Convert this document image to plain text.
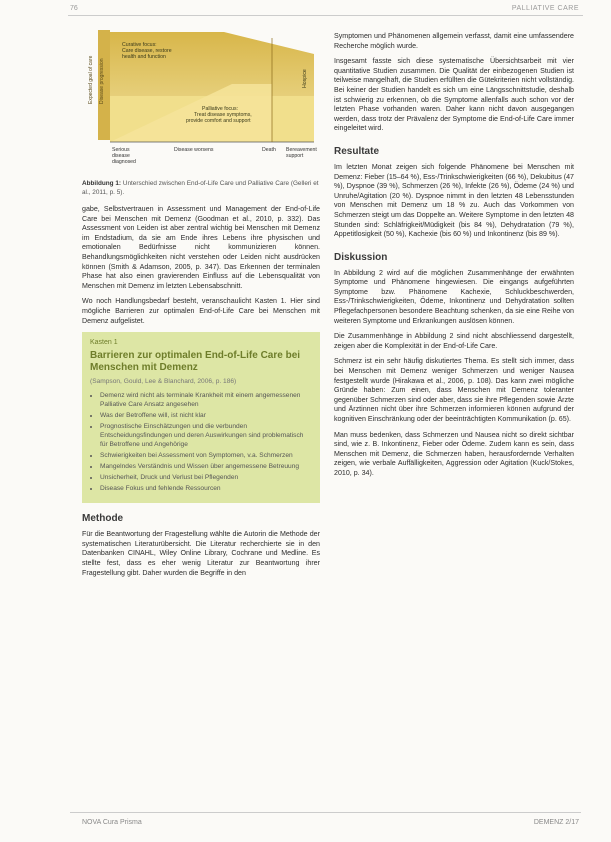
76	PALLIATIVE CARE
Disease progression
Expected goal of care
Curative focus: Care disease, restore health and function
Palliative focus: Treat disease symptoms, provide comfort and support
Hospice
Serious disease diagnosed
Disease worsens	Death Bereavement support
Abbildung 1: Unterschied zwischen End-of-Life Care und Palliative Care (Gelleri et al., 2011, p. 5).

gabe, Selbstvertrauen in Assessment und Management der End-of-Life Care bei Menschen mit Demenz (Goodman et al., 2010, p. 332). Das Assessment von Leiden ist aber zentral wichtig bei Menschen mit Demenz im Endstadium, da sie am Ende ihres Lebens ihre physischen und emotionalen Bedürfnisse nicht kommunizieren können. Behandlungsmöglichkeiten nicht verstehen oder Leiden nicht ausdrücken können (Smith & Adamson, 2005, p. 347). Das Erkennen der terminalen Phase hat also einen gravierenden Einfluss auf die Lebensqualität von Menschen mit Demenz im letzten Lebensabschnitt.

Wo noch Handlungsbedarf besteht, veranschaulicht Kasten 1. Hier sind mögliche Barrieren zur optimalen End-of-Life Care bei Menschen mit Demenz aufgelistet.

Kasten 1
Barrieren zur optimalen End-of-Life Care bei Menschen mit Demenz
(Sampson, Gould, Lee & Blanchard, 2006, p. 186)
• Demenz wird nicht als terminale Krankheit mit einem angemessenen Palliative Care Ansatz angesehen
• Was der Betroffene will, ist nicht klar
• Prognostische Einschätzungen und die verbunden Entscheidungsfindungen und deren Auswirkungen sind problematisch für Betroffene und Angehörige
• Schwierigkeiten bei Assessment von Symptomen, v.a. Schmerzen
• Mangelndes Verständnis und Wissen über angemessene Betreuung
• Unsicherheit, Druck und Verlust bei Pflegenden
• Disease Fokus und fehlende Ressourcen
Methode

Für die Beantwortung der Fragestellung wählte die Autorin die Methode der systematischen Literaturübersicht. Die Literatur recherchierte sie in den Datenbanken CINAHL, Wiley Online Library, Cochrane und Medline. Es stellte fest, dass es eher wenig Literatur zur Beantwortung ihrer Fragestellung gibt. Daher wurden die Begriffe in den

Symptomen und Phänomenen allgemein verfasst, damit eine umfassendere Recherche möglich wurde.

Insgesamt fasste sich diese systematische Übersichtsarbeit mit vier quantitative Studien zusammen. Die Qualität der einbezogenen Studien ist teilweise mangelhaft, die Studien erfüllten die Gütekriterien nicht vollständig. Bei keiner der Studien handelt es sich um eine Längsschnittstudie, deshalb ist schwierig zu erkennen, ob die Symptome allenfalls auch schon vor der letzten Phase vorhanden waren. Daher kann nicht davon ausgegangen werden, dass trotz der Prävalenz der Symptome die End-of-Life Care immer eingeleitet wird.

Resultate

Im letzten Monat zeigen sich folgende Phänomene bei Menschen mit Demenz: Fieber (15–64 %), Ess-/Trinkschwierigkeiten (66 %), Dekubitus (47 %), Dyspnoe (39 %), Schmerzen (26 %), Infekte (26 %), Ödeme (24 %) und Unruhe/Agitation (20 %). Dyspnoe nimmt in den letzten 48 Lebensstunden von Menschen mit Demenz um 18 % zu. Auch das Vorkommen von Schmerzen steigt um das Doppelte an. Weitere Symptome in den letzten 48 Stunden sind: Schläfrigkeit/Müdigkeit (bis 84 %), Dehydratation (79 %), Appetitlosigkeit (50 %), Kachexie (bis 60 %) und Inkontinenz (bis 89 %).

Diskussion

In Abbildung 2 wird auf die möglichen Zusammenhänge der erwähnten Symptome und Phänomene hingewiesen. Die eingangs aufgeführten Symptome bzw. Phänomene Kachexie, Schluckbeschwerden, Ess-/Trinkschwierigkeiten, Ödeme, Inkontinenz und Dehydratation sollten Pflegefachpersonen besondere Beachtung schenken, da sie eine Reihe von weiteren Symptome und Erkrankungen auslösen können.

Die Zusammenhänge in Abbildung 2 sind nicht abschliessend dargestellt, zeigen aber die Komplexität in der End-of-Life Care.

Schmerz ist ein sehr häufig diskutiertes Thema. Es stellt sich immer, dass bei Menschen mit Demenz weniger Schmerzen und weniger Nausea festgestellt wurde (Hirakawa et al., 2006, p. 108). Das kann zwei mögliche Gründe haben: Zum einen, dass Menschen mit Demenz toleranter gegenüber Schmerzen sind oder aber, dass sie ihre Pflegenden sowie Ärzte und Ärztinnen nicht über ihre Schmerzen informieren können aufgrund der kognitiven Einschränkung oder der beeinträchtigten Kommunikation (p. 65).

Man muss bedenken, dass Schmerzen und Nausea nicht so direkt sichtbar sind, wie z. B. Inkontinenz, Fieber oder Ödeme. Zudem kann es sein, dass Menschen mit Demenz, die Schmerzen haben, herausfordernde Verhalten zeigen, wie verbale Auffälligkeiten, Aggression oder Agitation (Kuck/Stokes, 2010, p. 34).

NOVA Cura Prisma	DEMENZ 2/17
